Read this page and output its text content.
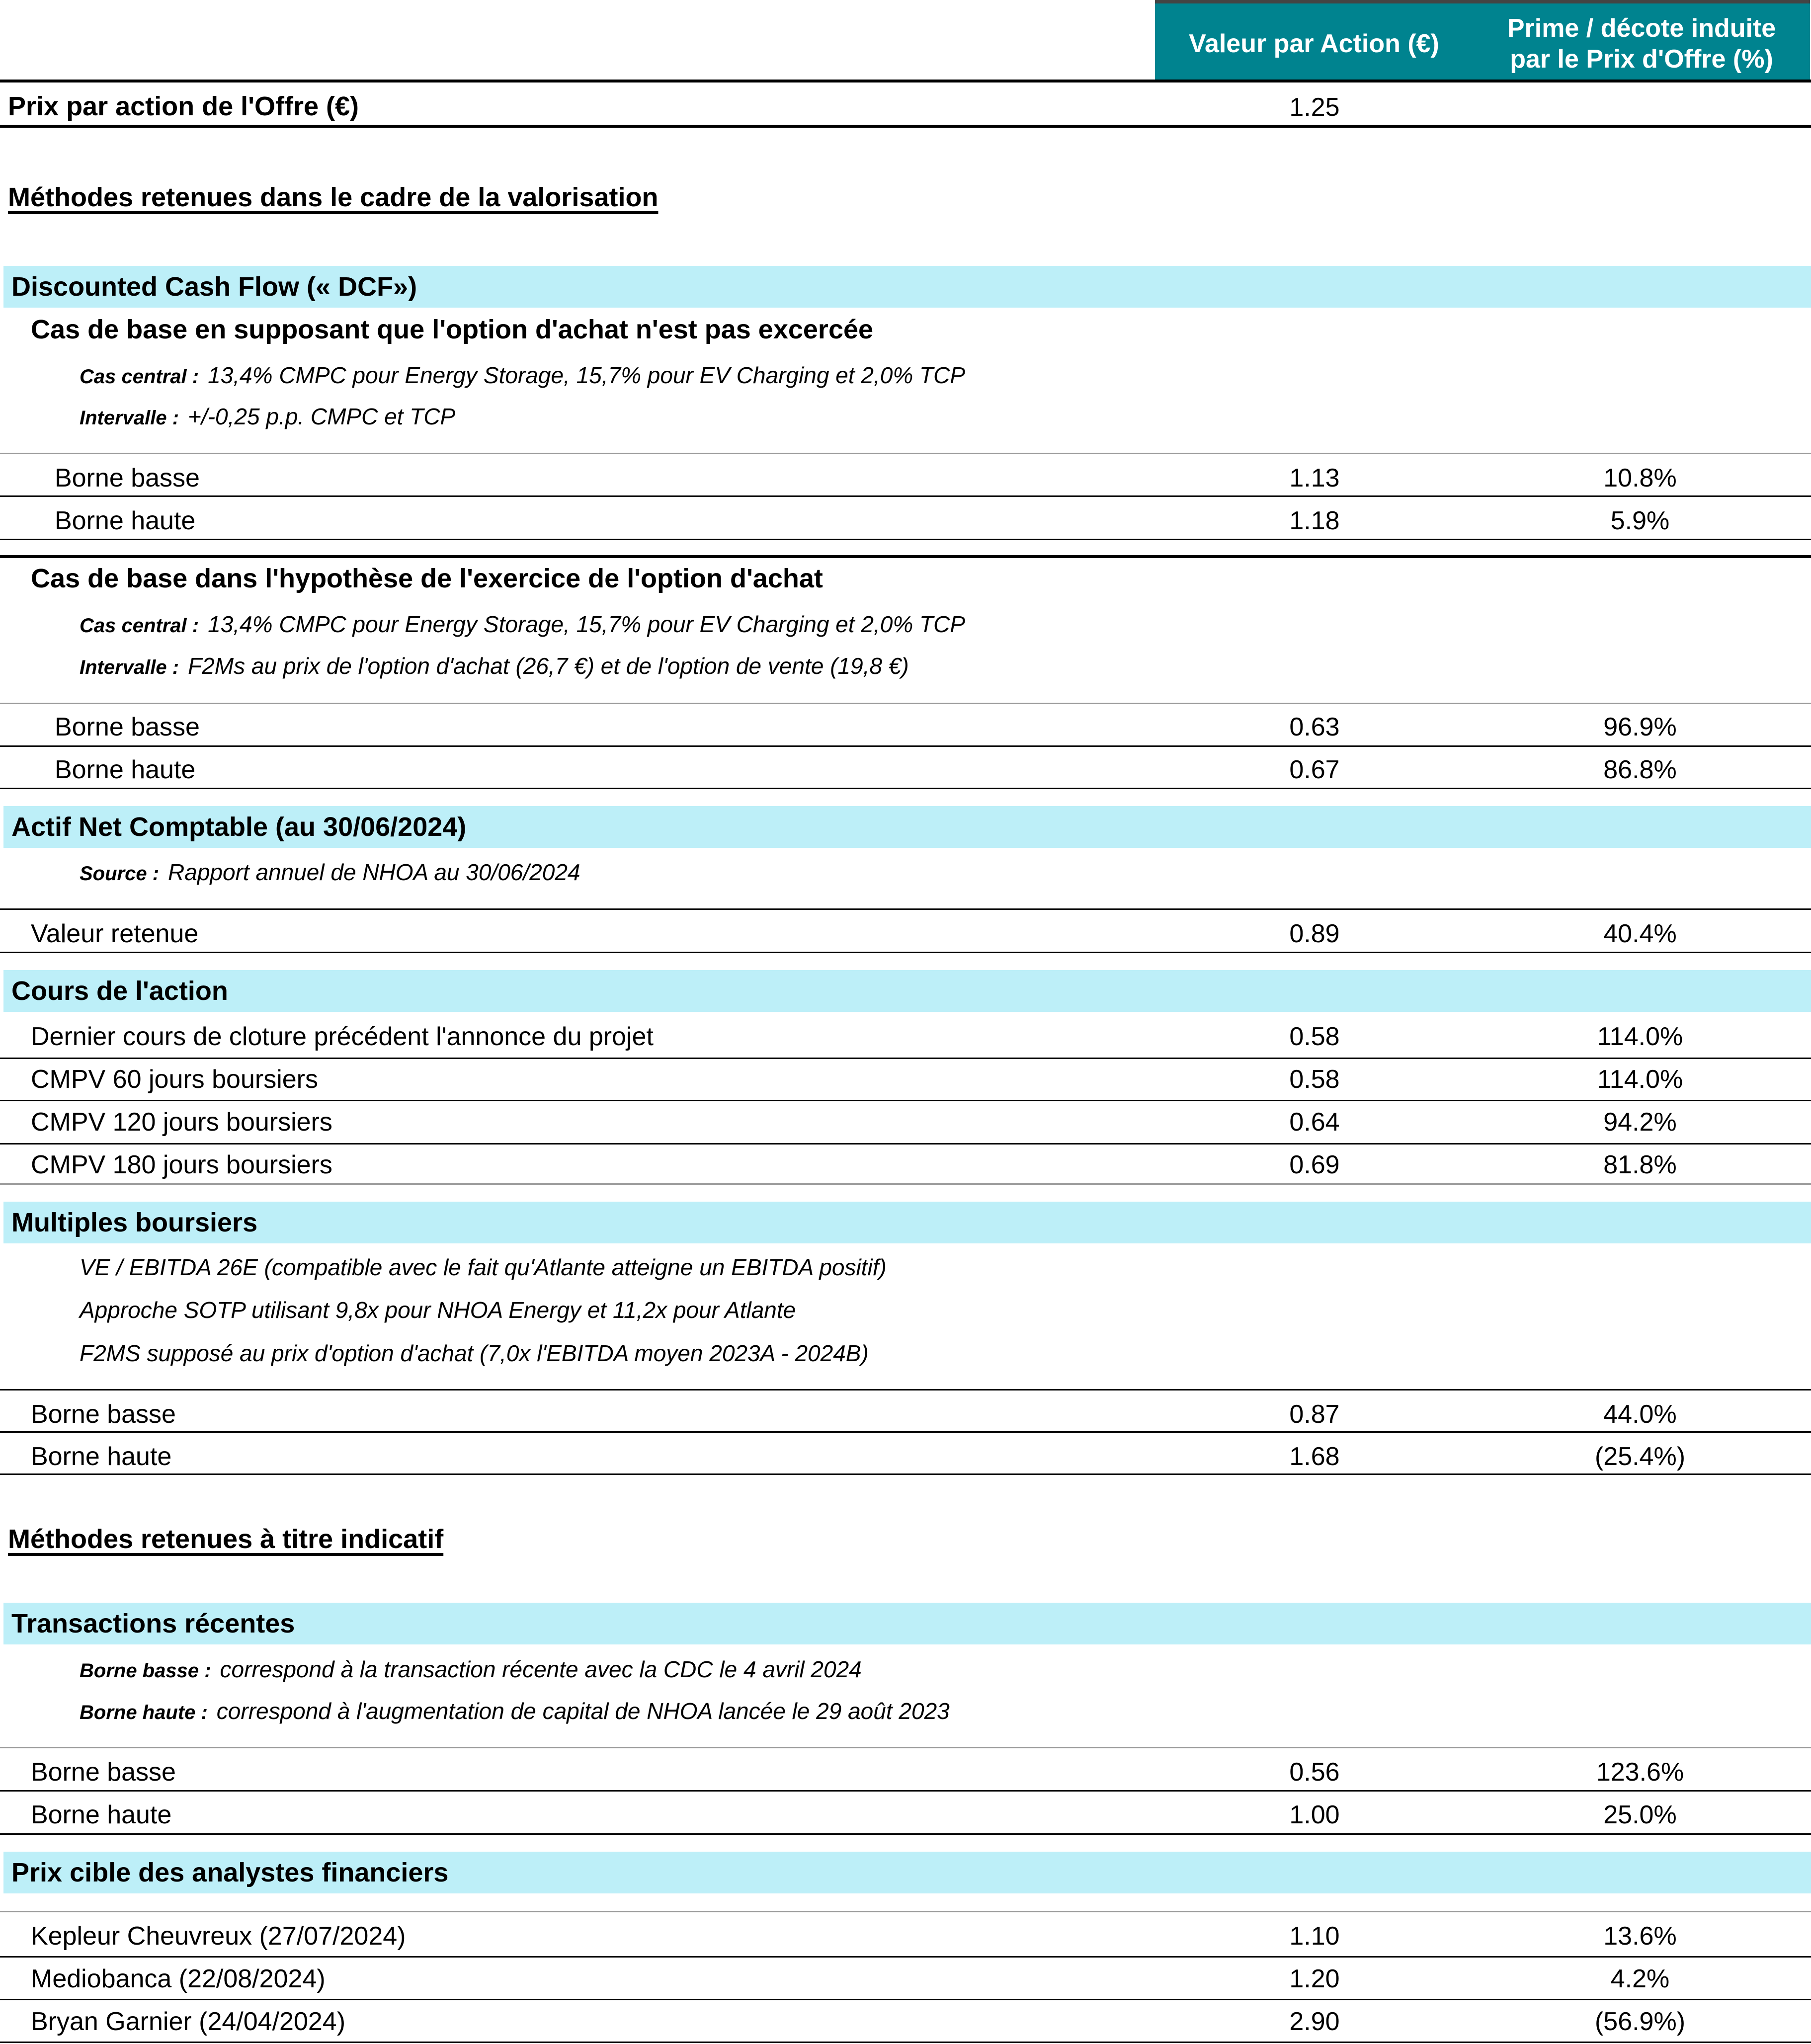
Valeur par Action (€)
Prime / décote induite
par le Prix d'Offre (%)
Prix par action de l'Offre (€)	1.25
Méthodes retenues dans le cadre de la valorisation
Discounted Cash Flow (« DCF»)
Cas de base en supposant que l'option d'achat n'est pas excercée
Cas central : 13,4% CMPC pour Energy Storage, 15,7% pour EV Charging et 2,0% TCP
Intervalle : +/-0,25 p.p. CMPC et TCP
Borne basse	1.13	10.8%
Borne haute	1.18	5.9%
Cas de base dans l'hypothèse de l'exercice de l'option d'achat
Cas central : 13,4% CMPC pour Energy Storage, 15,7% pour EV Charging et 2,0% TCP
Intervalle : F2Ms au prix de l'option d'achat (26,7 €) et de l'option de vente (19,8 €)
Borne basse	0.63	96.9%
Borne haute	0.67	86.8%
Actif Net Comptable (au 30/06/2024)
Source : Rapport annuel de NHOA au 30/06/2024
Valeur retenue	0.89	40.4%
Cours de l'action
Dernier cours de cloture précédent l'annonce du projet	0.58	114.0%
CMPV 60 jours boursiers	0.58	114.0%
CMPV 120 jours boursiers	0.64	94.2%
CMPV 180 jours boursiers	0.69	81.8%
Multiples boursiers
VE / EBITDA 26E (compatible avec le fait qu'Atlante atteigne un EBITDA positif)
Approche SOTP utilisant 9,8x pour NHOA Energy et 11,2x pour Atlante
F2MS supposé au prix d'option d'achat (7,0x l'EBITDA moyen 2023A - 2024B)
Borne basse	0.87	44.0%
Borne haute	1.68	(25.4%)
Méthodes retenues à titre indicatif
Transactions récentes
Borne basse : correspond à la transaction récente avec la CDC le 4 avril 2024
Borne haute : correspond à l'augmentation de capital de NHOA lancée le 29 août 2023
Borne basse	0.56	123.6%
Borne haute	1.00	25.0%
Prix cible des analystes financiers
Kepleur Cheuvreux (27/07/2024)	1.10	13.6%
Mediobanca (22/08/2024)	1.20	4.2%
Bryan Garnier (24/04/2024)	2.90	(56.9%)
